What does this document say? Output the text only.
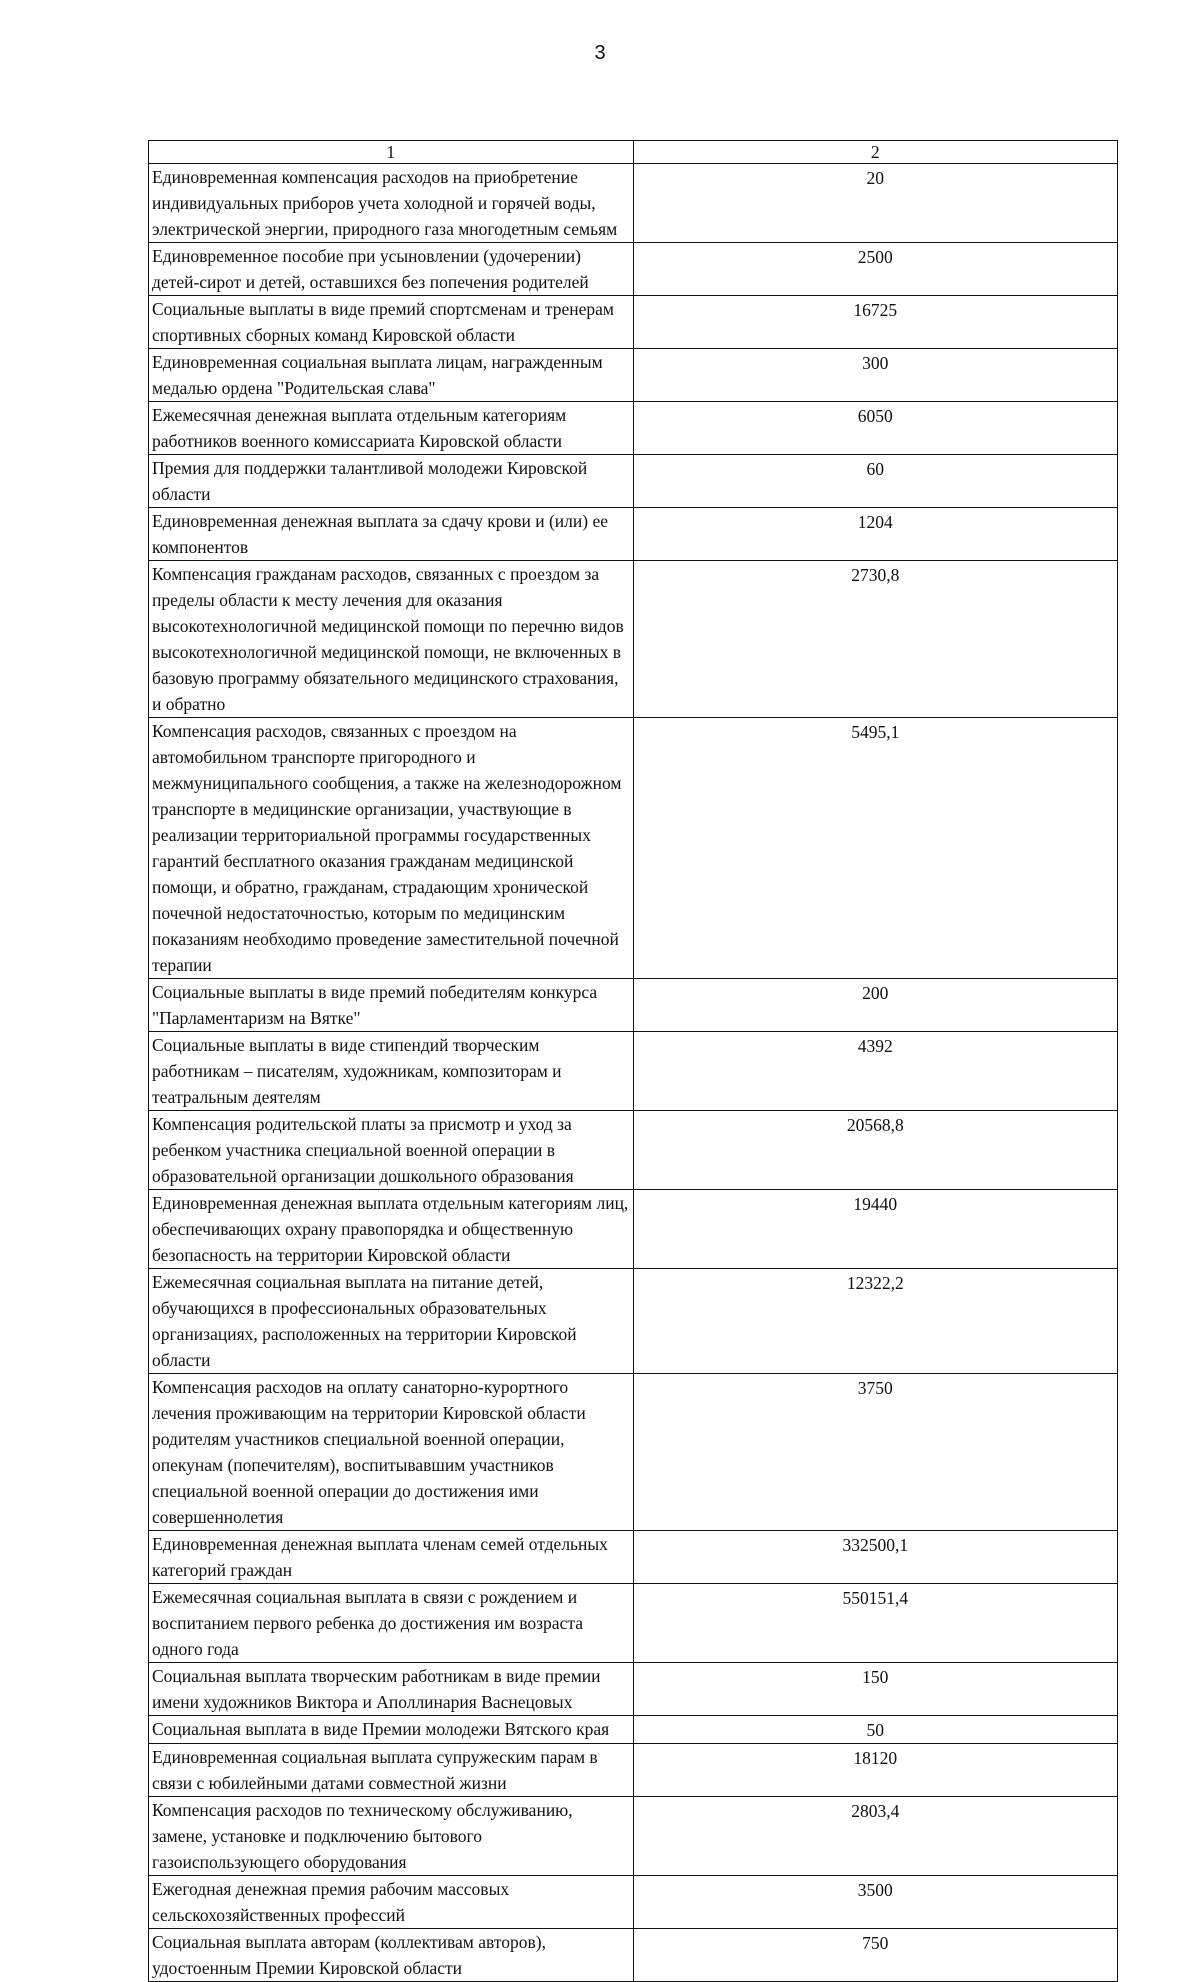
3
1	2
Единовременная компенсация расходов на приобретение индивидуальных приборов учета холодной и горячей воды, электрической энергии, природного газа многодетным семьям	20
Единовременное пособие при усыновлении (удочерении) детей-сирот и детей, оставшихся без попечения родителей	2500
Социальные выплаты в виде премий спортсменам и тренерам спортивных сборных команд Кировской области	16725
Единовременная социальная выплата лицам, награжденным медалью ордена "Родительская слава"	300
Ежемесячная денежная выплата отдельным категориям работников военного комиссариата Кировской области	6050
Премия для поддержки талантливой молодежи Кировской области	60
Единовременная денежная выплата за сдачу крови и (или) ее компонентов	1204
Компенсация гражданам расходов, связанных с проездом за пределы области к месту лечения для оказания высокотехнологичной медицинской помощи по перечню видов высокотехнологичной медицинской помощи, не включенных в базовую программу обязательного медицинского страхования, и обратно	2730,8
Компенсация расходов, связанных с проездом на автомобильном транспорте пригородного и межмуниципального сообщения, а также на железнодорожном транспорте в медицинские организации, участвующие в реализации территориальной программы государственных гарантий бесплатного оказания гражданам медицинской помощи, и обратно, гражданам, страдающим хронической почечной недостаточностью, которым по медицинским показаниям необходимо проведение заместительной почечной терапии	5495,1
Социальные выплаты в виде премий победителям конкурса "Парламентаризм на Вятке"	200
Социальные выплаты в виде стипендий творческим работникам – писателям, художникам, композиторам и театральным деятелям	4392
Компенсация родительской платы за присмотр и уход за ребенком участника специальной военной операции в образовательной организации дошкольного образования	20568,8
Единовременная денежная выплата отдельным категориям лиц, обеспечивающих охрану правопорядка и общественную безопасность на территории Кировской области	19440
Ежемесячная социальная выплата на питание детей, обучающихся в профессиональных образовательных организациях, расположенных на территории Кировской области	12322,2
Компенсация расходов на оплату санаторно-курортного лечения проживающим на территории Кировской области родителям участников специальной военной операции, опекунам (попечителям), воспитывавшим участников специальной военной операции до достижения ими совершеннолетия	3750
Единовременная денежная выплата членам семей отдельных категорий граждан	332500,1
Ежемесячная социальная выплата в связи с рождением и воспитанием первого ребенка до достижения им возраста одного года	550151,4
Социальная выплата творческим работникам в виде премии имени художников Виктора и Аполлинария Васнецовых	150
Социальная выплата в виде Премии молодежи Вятского края	50
Единовременная социальная выплата супружеским парам в связи с юбилейными датами совместной жизни	18120
Компенсация расходов по техническому обслуживанию, замене, установке и подключению бытового газоиспользующего оборудования	2803,4
Ежегодная денежная премия рабочим массовых сельскохозяйственных профессий	3500
Социальная выплата авторам (коллективам авторов), удостоенным Премии Кировской области	750
